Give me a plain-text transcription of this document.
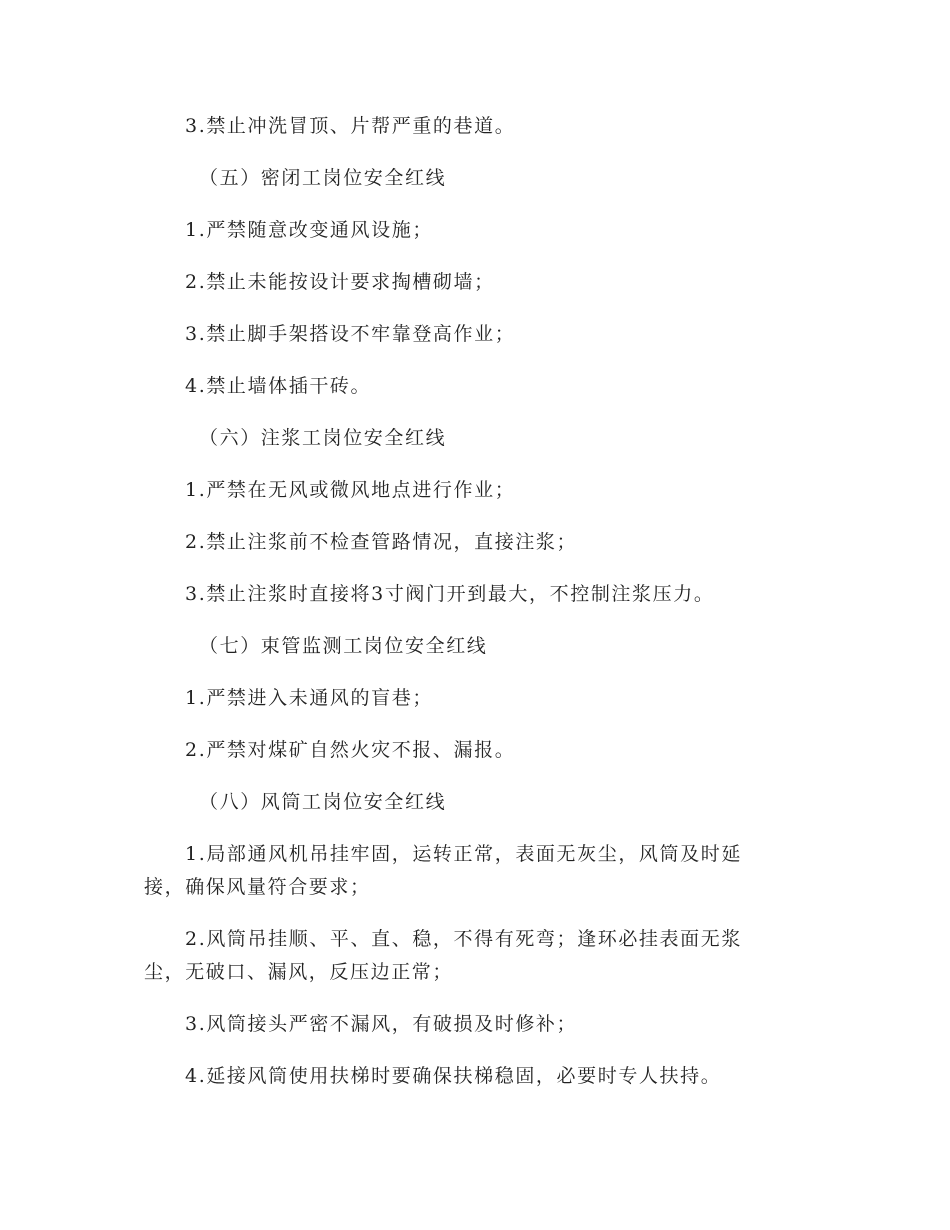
3.禁止冲洗冒顶、片帮严重的巷道。

（五）密闭工岗位安全红线

1.严禁随意改变通风设施；

2.禁止未能按设计要求掏槽砌墙；

3.禁止脚手架搭设不牢靠登高作业；

4.禁止墙体插干砖。

（六）注浆工岗位安全红线

1.严禁在无风或微风地点进行作业；

2.禁止注浆前不检查管路情况，直接注浆；

3.禁止注浆时直接将3寸阀门开到最大，不控制注浆压力。

（七）束管监测工岗位安全红线

1.严禁进入未通风的盲巷；

2.严禁对煤矿自然火灾不报、漏报。

（八）风筒工岗位安全红线

1.局部通风机吊挂牢固，运转正常，表面无灰尘，风筒及时延接，确保风量符合要求；

2.风筒吊挂顺、平、直、稳，不得有死弯；逢环必挂表面无浆尘，无破口、漏风，反压边正常；

3.风筒接头严密不漏风，有破损及时修补；

4.延接风筒使用扶梯时要确保扶梯稳固，必要时专人扶持。
